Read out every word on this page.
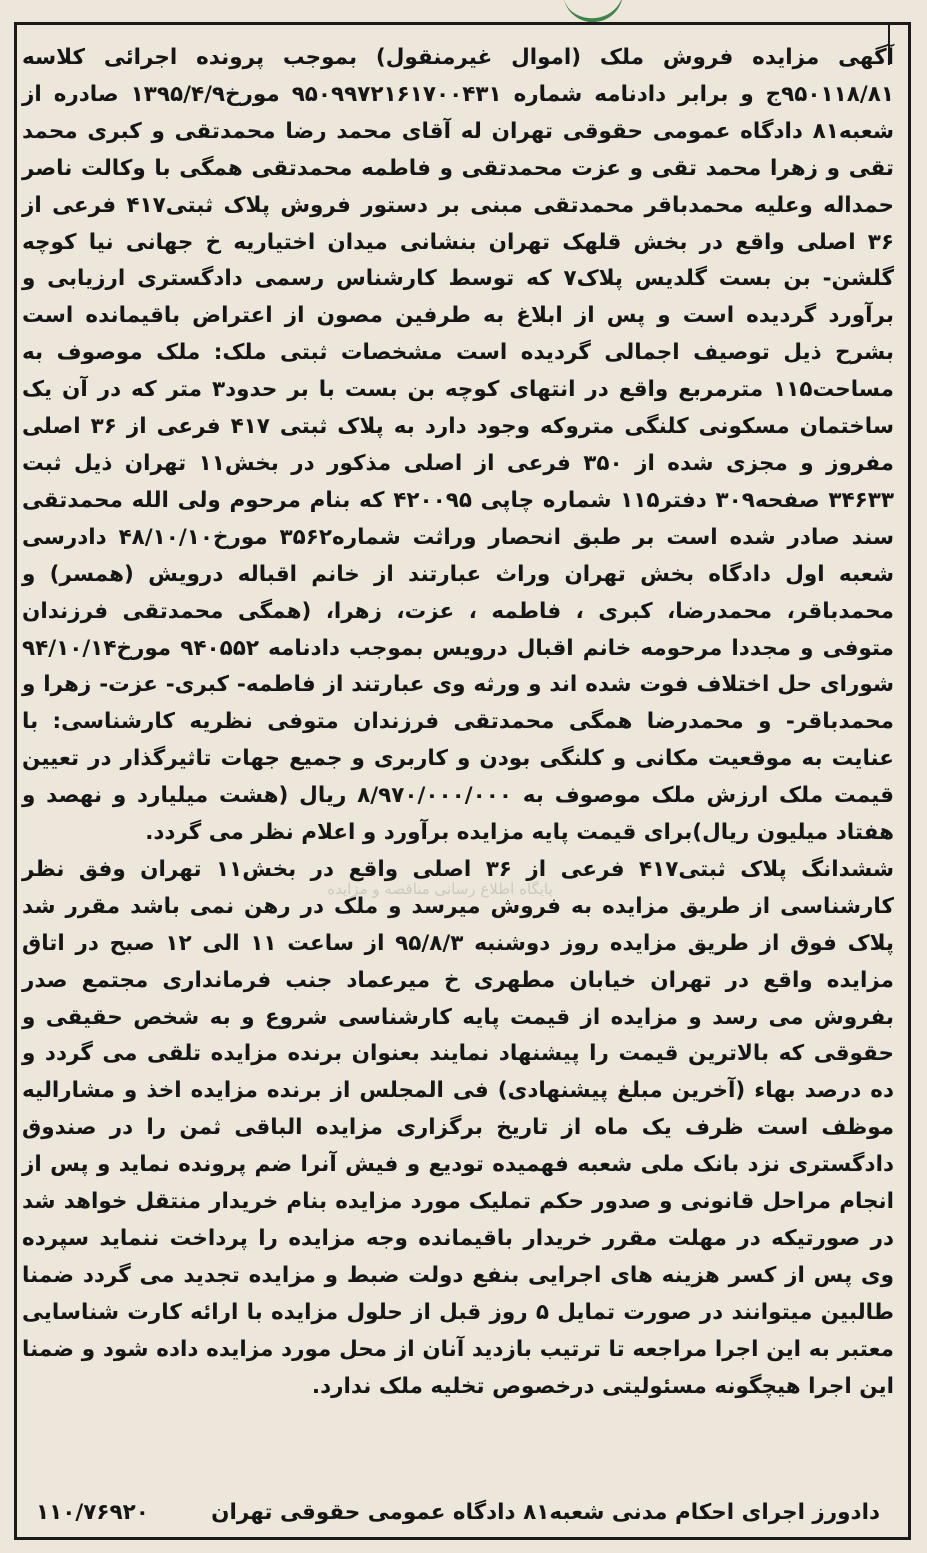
پایگاه اطلاع رسانی مناقصه و مزایده

آگهی مزایده فروش ملک (اموال غیرمنقول) بموجب پرونده اجرائی کلاسه ۹۵۰۱۱۸/۸۱ج و برابر دادنامه شماره ۹۵۰۹۹۷۲۱۶۱۷۰۰۴۳۱ مورخ۱۳۹۵/۴/۹ صادره از شعبه۸۱ دادگاه عمومی حقوقی تهران له آقای محمد رضا محمدتقی و کبری محمد تقی و زهرا محمد تقی و عزت محمدتقی و فاطمه محمدتقی همگی با وکالت ناصر حمداله وعلیه محمدباقر محمدتقی مبنی بر دستور فروش پلاک ثبتی۴۱۷ فرعی از ۳۶ اصلی واقع در بخش قلهک تهران بنشانی میدان اختیاریه خ جهانی نیا کوچه گلشن- بن بست گلدیس پلاک۷ که توسط کارشناس رسمی دادگستری ارزیابی و برآورد گردیده است و پس از ابلاغ به طرفین مصون از اعتراض باقیمانده است بشرح ذیل توصیف اجمالی گردیده است مشخصات ثبتی ملک: ملک موصوف به مساحت۱۱۵ مترمربع واقع در انتهای کوچه بن بست با بر حدود۳ متر که در آن یک ساختمان مسکونی کلنگی متروکه وجود دارد به پلاک ثبتی ۴۱۷ فرعی از ۳۶ اصلی مفروز و مجزی شده از ۳۵۰ فرعی از اصلی مذکور در بخش۱۱ تهران ذیل ثبت ۳۴۶۳۳ صفحه۳۰۹ دفتر۱۱۵ شماره چاپی ۴۲۰۰۹۵ که بنام مرحوم ولی الله محمدتقی سند صادر شده است بر طبق انحصار وراثت شماره۳۵۶۲ مورخ۴۸/۱۰/۱۰ دادرسی شعبه اول دادگاه بخش تهران وراث عبارتند از خانم اقباله درویش (همسر) و محمدباقر، محمدرضا، کبری ، فاطمه ، عزت، زهرا، (همگی محمدتقی فرزندان متوفی و مجددا مرحومه خانم اقبال درویس بموجب دادنامه ۹۴۰۵۵۲ مورخ۹۴/۱۰/۱۴ شورای حل اختلاف فوت شده اند و ورثه وی عبارتند از فاطمه- کبری- عزت- زهرا و محمدباقر- و محمدرضا همگی محمدتقی فرزندان متوفی نظریه کارشناسی: با عنایت به موقعیت مکانی و کلنگی بودن و کاربری و جمیع جهات تاثیرگذار در تعیین قیمت ملک ارزش ملک موصوف به ۸/۹۷۰/۰۰۰/۰۰۰ ریال (هشت میلیارد و نهصد و هفتاد میلیون ریال)برای قیمت پایه مزایده برآورد و اعلام نظر می گردد.

ششدانگ پلاک ثبتی۴۱۷ فرعی از ۳۶ اصلی واقع در بخش۱۱ تهران وفق نظر کارشناسی از طریق مزایده به فروش میرسد و ملک در رهن نمی باشد مقرر شد پلاک فوق از طریق مزایده روز دوشنبه ۹۵/۸/۳ از ساعت ۱۱ الی ۱۲ صبح در اتاق مزایده واقع در تهران خیابان مطهری خ میرعماد جنب فرمانداری مجتمع صدر بفروش می رسد و مزایده از قیمت پایه کارشناسی شروع و به شخص حقیقی و حقوقی که بالاترین قیمت را پیشنهاد نمایند بعنوان برنده مزایده تلقی می گردد و ده درصد بهاء (آخرین مبلغ پیشنهادی) فی المجلس از برنده مزایده اخذ و مشارالیه موظف است ظرف یک ماه از تاریخ برگزاری مزایده الباقی ثمن را در صندوق دادگستری نزد بانک ملی شعبه فهمیده تودیع و فیش آنرا ضم پرونده نماید و پس از انجام مراحل قانونی و صدور حکم تملیک مورد مزایده بنام خریدار منتقل خواهد شد در صورتیکه در مهلت مقرر خریدار باقیمانده وجه مزایده را پرداخت ننماید سپرده وی پس از کسر هزینه های اجرایی بنفع دولت ضبط و مزایده تجدید می گردد ضمنا طالبین میتوانند در صورت تمایل ۵ روز قبل از حلول مزایده با ارائه کارت شناسایی معتبر به این اجرا مراجعه تا ترتیب بازدید آنان از محل مورد مزایده داده شود و ضمنا این اجرا هیچگونه مسئولیتی درخصوص تخلیه ملک ندارد.

دادورز اجرای احکام مدنی شعبه۸۱ دادگاه عمومی حقوقی تهران
۱۱۰/۷۶۹۲۰
